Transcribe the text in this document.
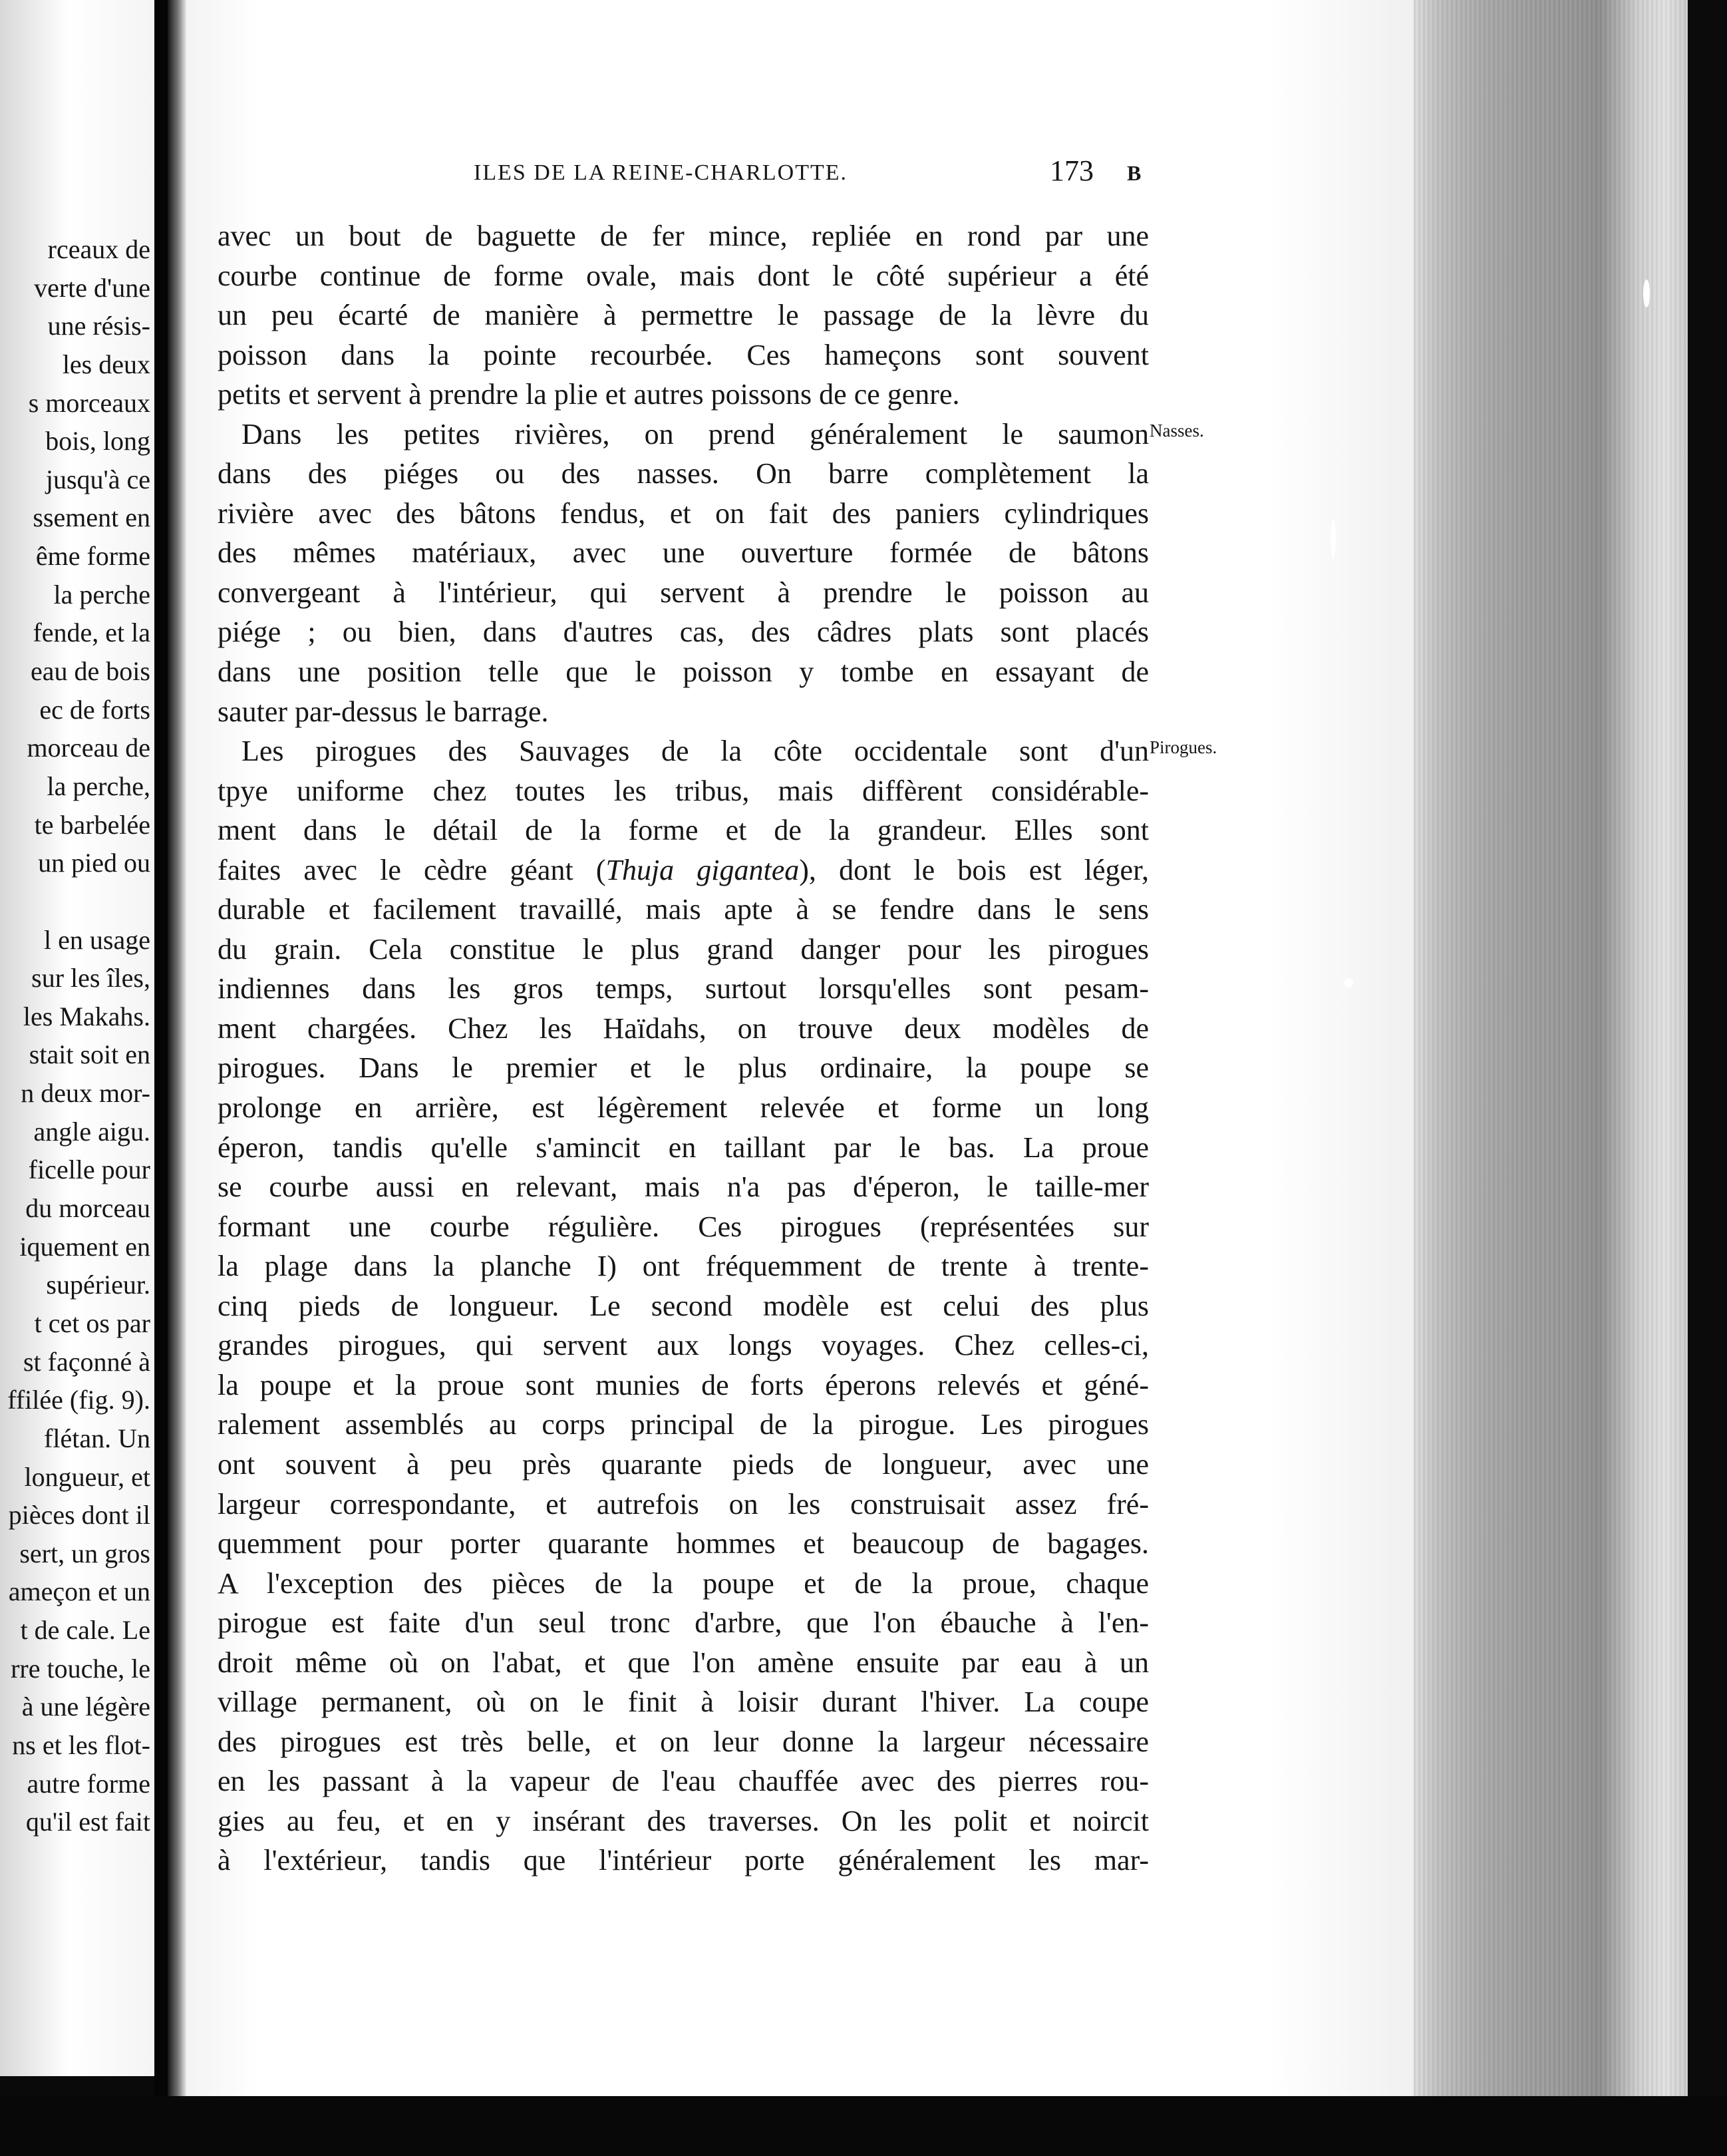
rceaux de
verte d'une
une résis-
les deux
s morceaux
bois, long
jusqu'à ce
ssement en
ême forme
la perche
fende, et la
eau de bois
ec de forts
morceau de
la perche,
te barbelée
un pied ou
l en usage
sur les îles,
les Makahs.
stait soit en
n deux mor-
angle aigu.
ficelle pour
du morceau
iquement en
supérieur.
t cet os par
st façonné à
ffilée (fig. 9).
flétan. Un
longueur, et
pièces dont il
sert, un gros
ameçon et un
t de cale. Le
rre touche, le
à une légère
ns et les flot-
autre forme
qu'il est fait
ILES DE LA REINE-CHARLOTTE.	173 B
Nasses.
Pirogues.
avec un bout de baguette de fer mince, repliée en rond par une
courbe continue de forme ovale, mais dont le côté supérieur a été
un peu écarté de manière à permettre le passage de la lèvre du
poisson dans la pointe recourbée. Ces hameçons sont souvent
petits et servent à prendre la plie et autres poissons de ce genre.
Dans les petites rivières, on prend généralement le saumon
dans des piéges ou des nasses. On barre complètement la
rivière avec des bâtons fendus, et on fait des paniers cylindriques
des mêmes matériaux, avec une ouverture formée de bâtons
convergeant à l'intérieur, qui servent à prendre le poisson au
piége ; ou bien, dans d'autres cas, des câdres plats sont placés
dans une position telle que le poisson y tombe en essayant de
sauter par-dessus le barrage.
Les pirogues des Sauvages de la côte occidentale sont d'un
tpye uniforme chez toutes les tribus, mais diffèrent considérable-
ment dans le détail de la forme et de la grandeur. Elles sont
faites avec le cèdre géant (Thuja gigantea), dont le bois est léger,
durable et facilement travaillé, mais apte à se fendre dans le sens
du grain. Cela constitue le plus grand danger pour les pirogues
indiennes dans les gros temps, surtout lorsqu'elles sont pesam-
ment chargées. Chez les Haïdahs, on trouve deux modèles de
pirogues. Dans le premier et le plus ordinaire, la poupe se
prolonge en arrière, est légèrement relevée et forme un long
éperon, tandis qu'elle s'amincit en taillant par le bas. La proue
se courbe aussi en relevant, mais n'a pas d'éperon, le taille-mer
formant une courbe régulière. Ces pirogues (représentées sur
la plage dans la planche I) ont fréquemment de trente à trente-
cinq pieds de longueur. Le second modèle est celui des plus
grandes pirogues, qui servent aux longs voyages. Chez celles-ci,
la poupe et la proue sont munies de forts éperons relevés et géné-
ralement assemblés au corps principal de la pirogue. Les pirogues
ont souvent à peu près quarante pieds de longueur, avec une
largeur correspondante, et autrefois on les construisait assez fré-
quemment pour porter quarante hommes et beaucoup de bagages.
A l'exception des pièces de la poupe et de la proue, chaque
pirogue est faite d'un seul tronc d'arbre, que l'on ébauche à l'en-
droit même où on l'abat, et que l'on amène ensuite par eau à un
village permanent, où on le finit à loisir durant l'hiver. La coupe
des pirogues est très belle, et on leur donne la largeur nécessaire
en les passant à la vapeur de l'eau chauffée avec des pierres rou-
gies au feu, et en y insérant des traverses. On les polit et noircit
à l'extérieur, tandis que l'intérieur porte généralement les mar-
